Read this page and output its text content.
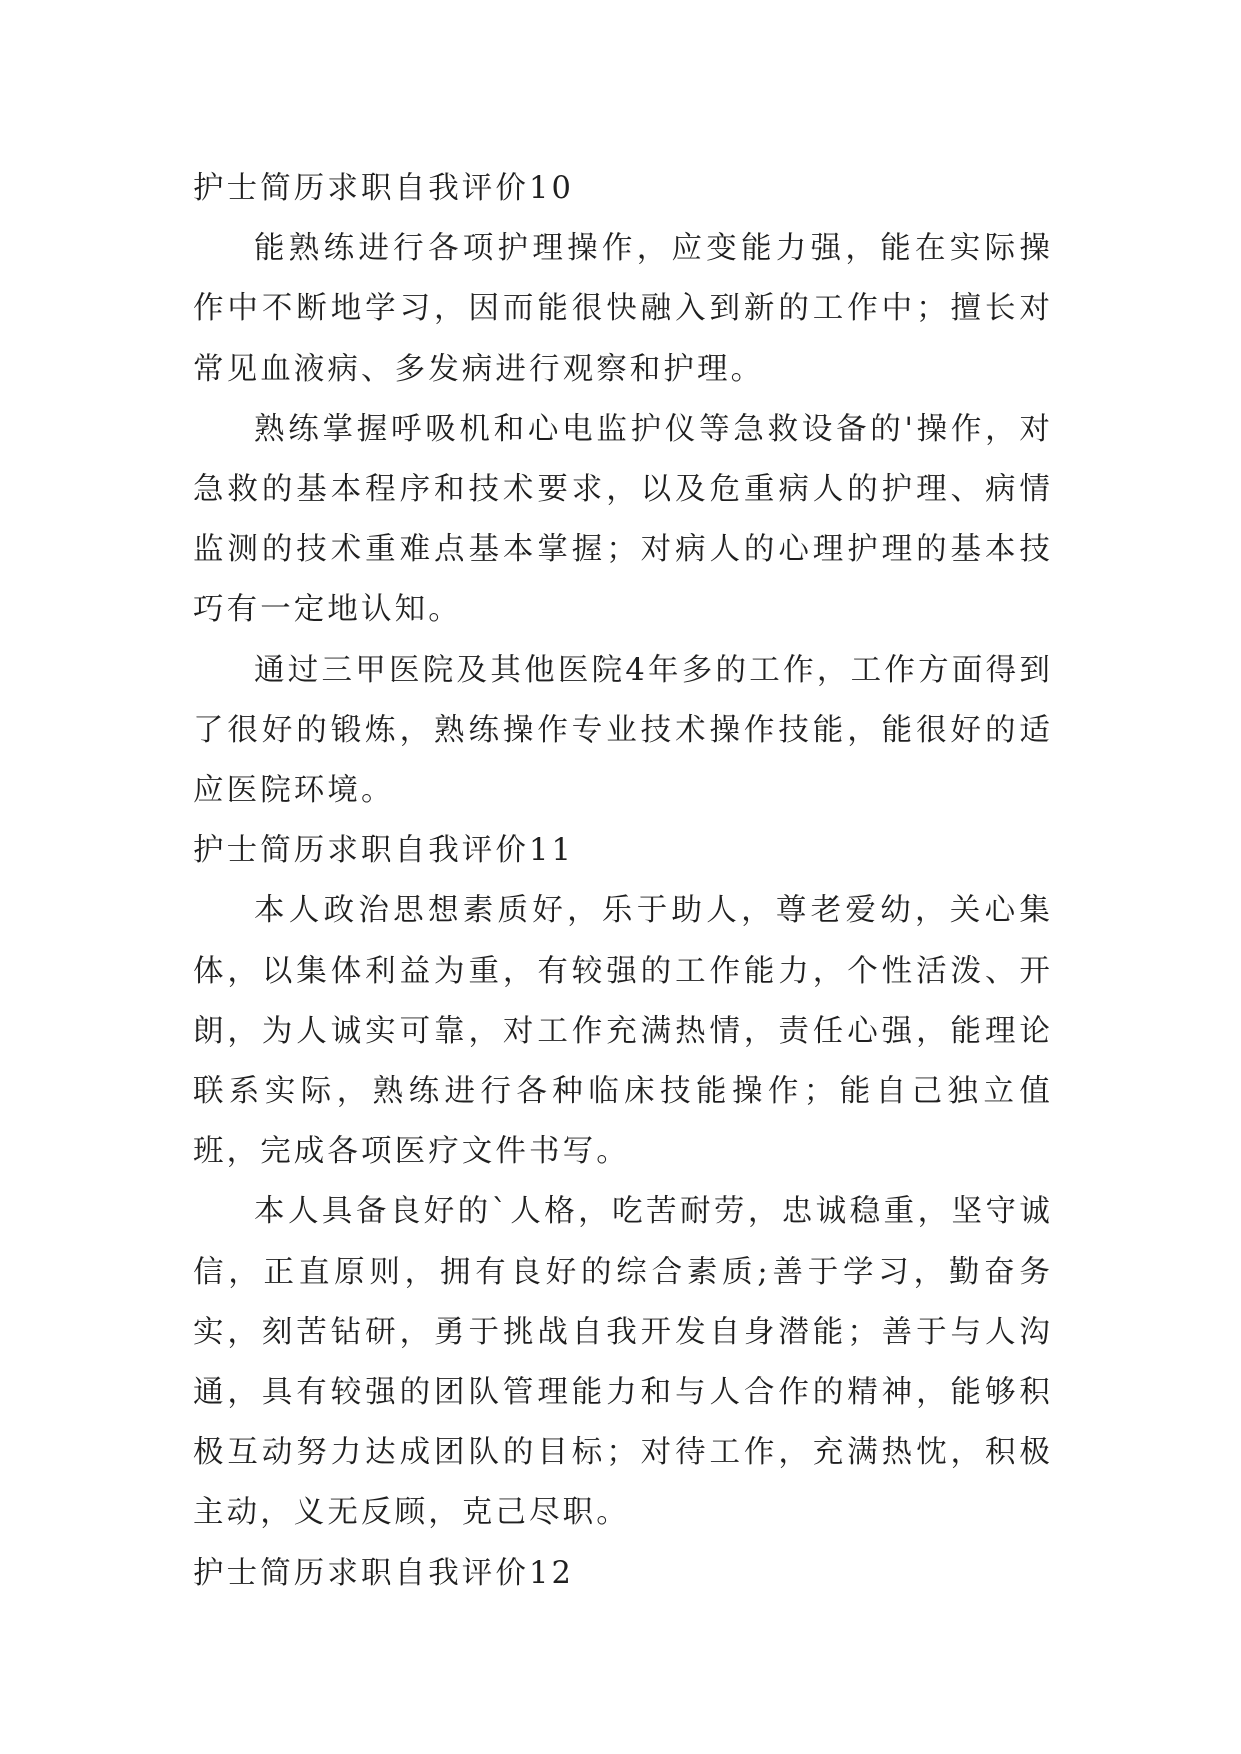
护士简历求职自我评价10

能熟练进行各项护理操作，应变能力强，能在实际操作中不断地学习，因而能很快融入到新的工作中；擅长对常见血液病、多发病进行观察和护理。

熟练掌握呼吸机和心电监护仪等急救设备的'操作，对急救的基本程序和技术要求，以及危重病人的护理、病情监测的技术重难点基本掌握；对病人的心理护理的基本技巧有一定地认知。

通过三甲医院及其他医院4年多的工作，工作方面得到了很好的锻炼，熟练操作专业技术操作技能，能很好的适应医院环境。

护士简历求职自我评价11

本人政治思想素质好，乐于助人，尊老爱幼，关心集体，以集体利益为重，有较强的工作能力，个性活泼、开朗，为人诚实可靠，对工作充满热情，责任心强，能理论联系实际，熟练进行各种临床技能操作；能自己独立值班，完成各项医疗文件书写。

本人具备良好的`人格，吃苦耐劳，忠诚稳重，坚守诚信，正直原则，拥有良好的综合素质;善于学习，勤奋务实，刻苦钻研，勇于挑战自我开发自身潜能；善于与人沟通，具有较强的团队管理能力和与人合作的精神，能够积极互动努力达成团队的目标；对待工作，充满热忱，积极主动，义无反顾，克己尽职。

护士简历求职自我评价12
